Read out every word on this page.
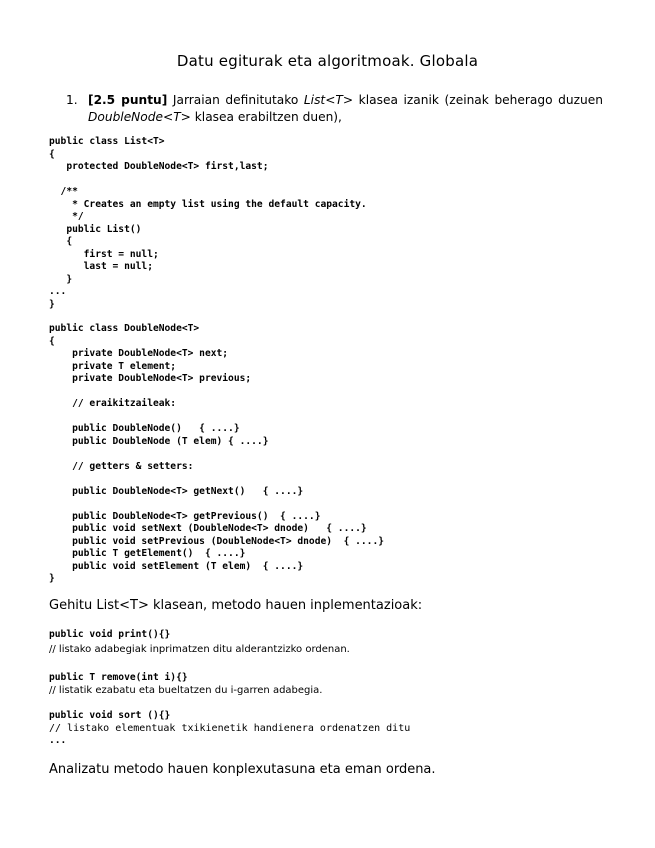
Datu egiturak eta algoritmoak. Globala
1. [2.5 puntu] Jarraian definitutako List<T> klasea izanik (zeinak beherago duzuen DoubleNode<T> klasea erabiltzen duen),
public class List<T>
{
protected DoubleNode<T> first,last;

/**
* Creates an empty list using the default capacity.
*/
public List()
{
first = null;
last = null;
}
...
}
public class DoubleNode<T>
{
private DoubleNode<T> next;
private T element;
private DoubleNode<T> previous;

// eraikitzaileak:

public DoubleNode()   { ....}
public DoubleNode (T elem) { ....}

// getters & setters:

public DoubleNode<T> getNext()   { ....}

public DoubleNode<T> getPrevious()  { ....}
public void setNext (DoubleNode<T> dnode)   { ....}
public void setPrevious (DoubleNode<T> dnode)  { ....}
public T getElement()  { ....}
public void setElement (T elem)  { ....}
}
Gehitu List<T> klasean, metodo hauen inplementazioak:
public void print(){}
// listako adabegiak inprimatzen ditu alderantzizko ordenan.
public T remove(int i){}
// listatik ezabatu eta bueltatzen du i-garren adabegia.
public void sort (){}
// listako elementuak txikienetik handienera ordenatzen ditu
...
Analizatu metodo hauen konplexutasuna eta eman ordena.
